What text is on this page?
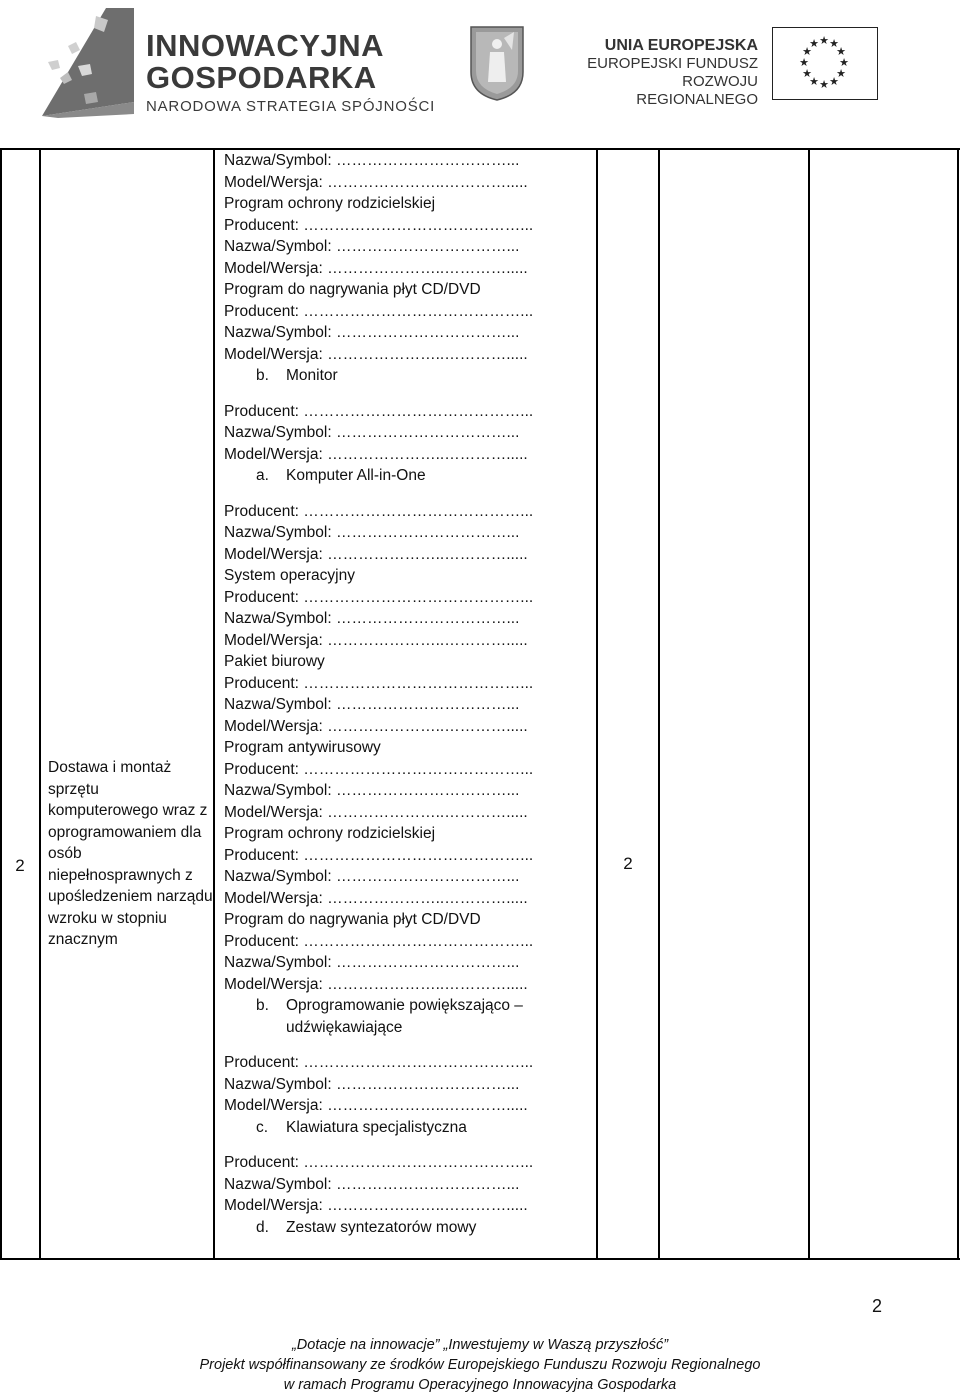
INNOWACYJNA
GOSPODARKA
NARODOWA STRATEGIA SPÓJNOŚCI
UNIA EUROPEJSKA
EUROPEJSKI FUNDUSZ
ROZWOJU REGIONALNEGO
★ ★
★
★
★
★
★
★
★
★
★
★
2
Dostawa i montaż sprzętu komputerowego wraz z oprogramowaniem dla osób niepełnosprawnych z upośledzeniem narządu wzroku w stopniu znacznym
2
Nazwa/Symbol: ……………………………...
Model/Wersja: …………………..………….....
Program ochrony rodzicielskiej
Producent: ……………………………………...
Nazwa/Symbol: ……………………………...
Model/Wersja: …………………..………….....
Program do nagrywania płyt CD/DVD
Producent: ……………………………………...
Nazwa/Symbol: ……………………………...
Model/Wersja: …………………..………….....
b. Monitor
Producent: ……………………………………...
Nazwa/Symbol: ……………………………...
Model/Wersja: …………………..………….....
a. Komputer All-in-One
Producent: ……………………………………...
Nazwa/Symbol: ……………………………...
Model/Wersja: …………………..………….....
System operacyjny
Producent: ……………………………………...
Nazwa/Symbol: ……………………………...
Model/Wersja: …………………..………….....
Pakiet biurowy
Producent: ……………………………………...
Nazwa/Symbol: ……………………………...
Model/Wersja: …………………..………….....
Program antywirusowy
Producent: ……………………………………...
Nazwa/Symbol: ……………………………...
Model/Wersja: …………………..………….....
Program ochrony rodzicielskiej
Producent: ……………………………………...
Nazwa/Symbol: ……………………………...
Model/Wersja: …………………..………….....
Program do nagrywania płyt CD/DVD
Producent: ……………………………………...
Nazwa/Symbol: ……………………………...
Model/Wersja: …………………..………….....
b. Oprogramowanie powiększająco –
udźwiękawiające
Producent: ……………………………………...
Nazwa/Symbol: ……………………………...
Model/Wersja: …………………..………….....
c. Klawiatura specjalistyczna
Producent: ……………………………………...
Nazwa/Symbol: ……………………………...
Model/Wersja: …………………..………….....
d. Zestaw syntezatorów mowy
2
„Dotacje na innowacje” „Inwestujemy w Waszą przyszłość”
Projekt współfinansowany ze środków Europejskiego Funduszu Rozwoju Regionalnego
w ramach Programu Operacyjnego Innowacyjna Gospodarka
